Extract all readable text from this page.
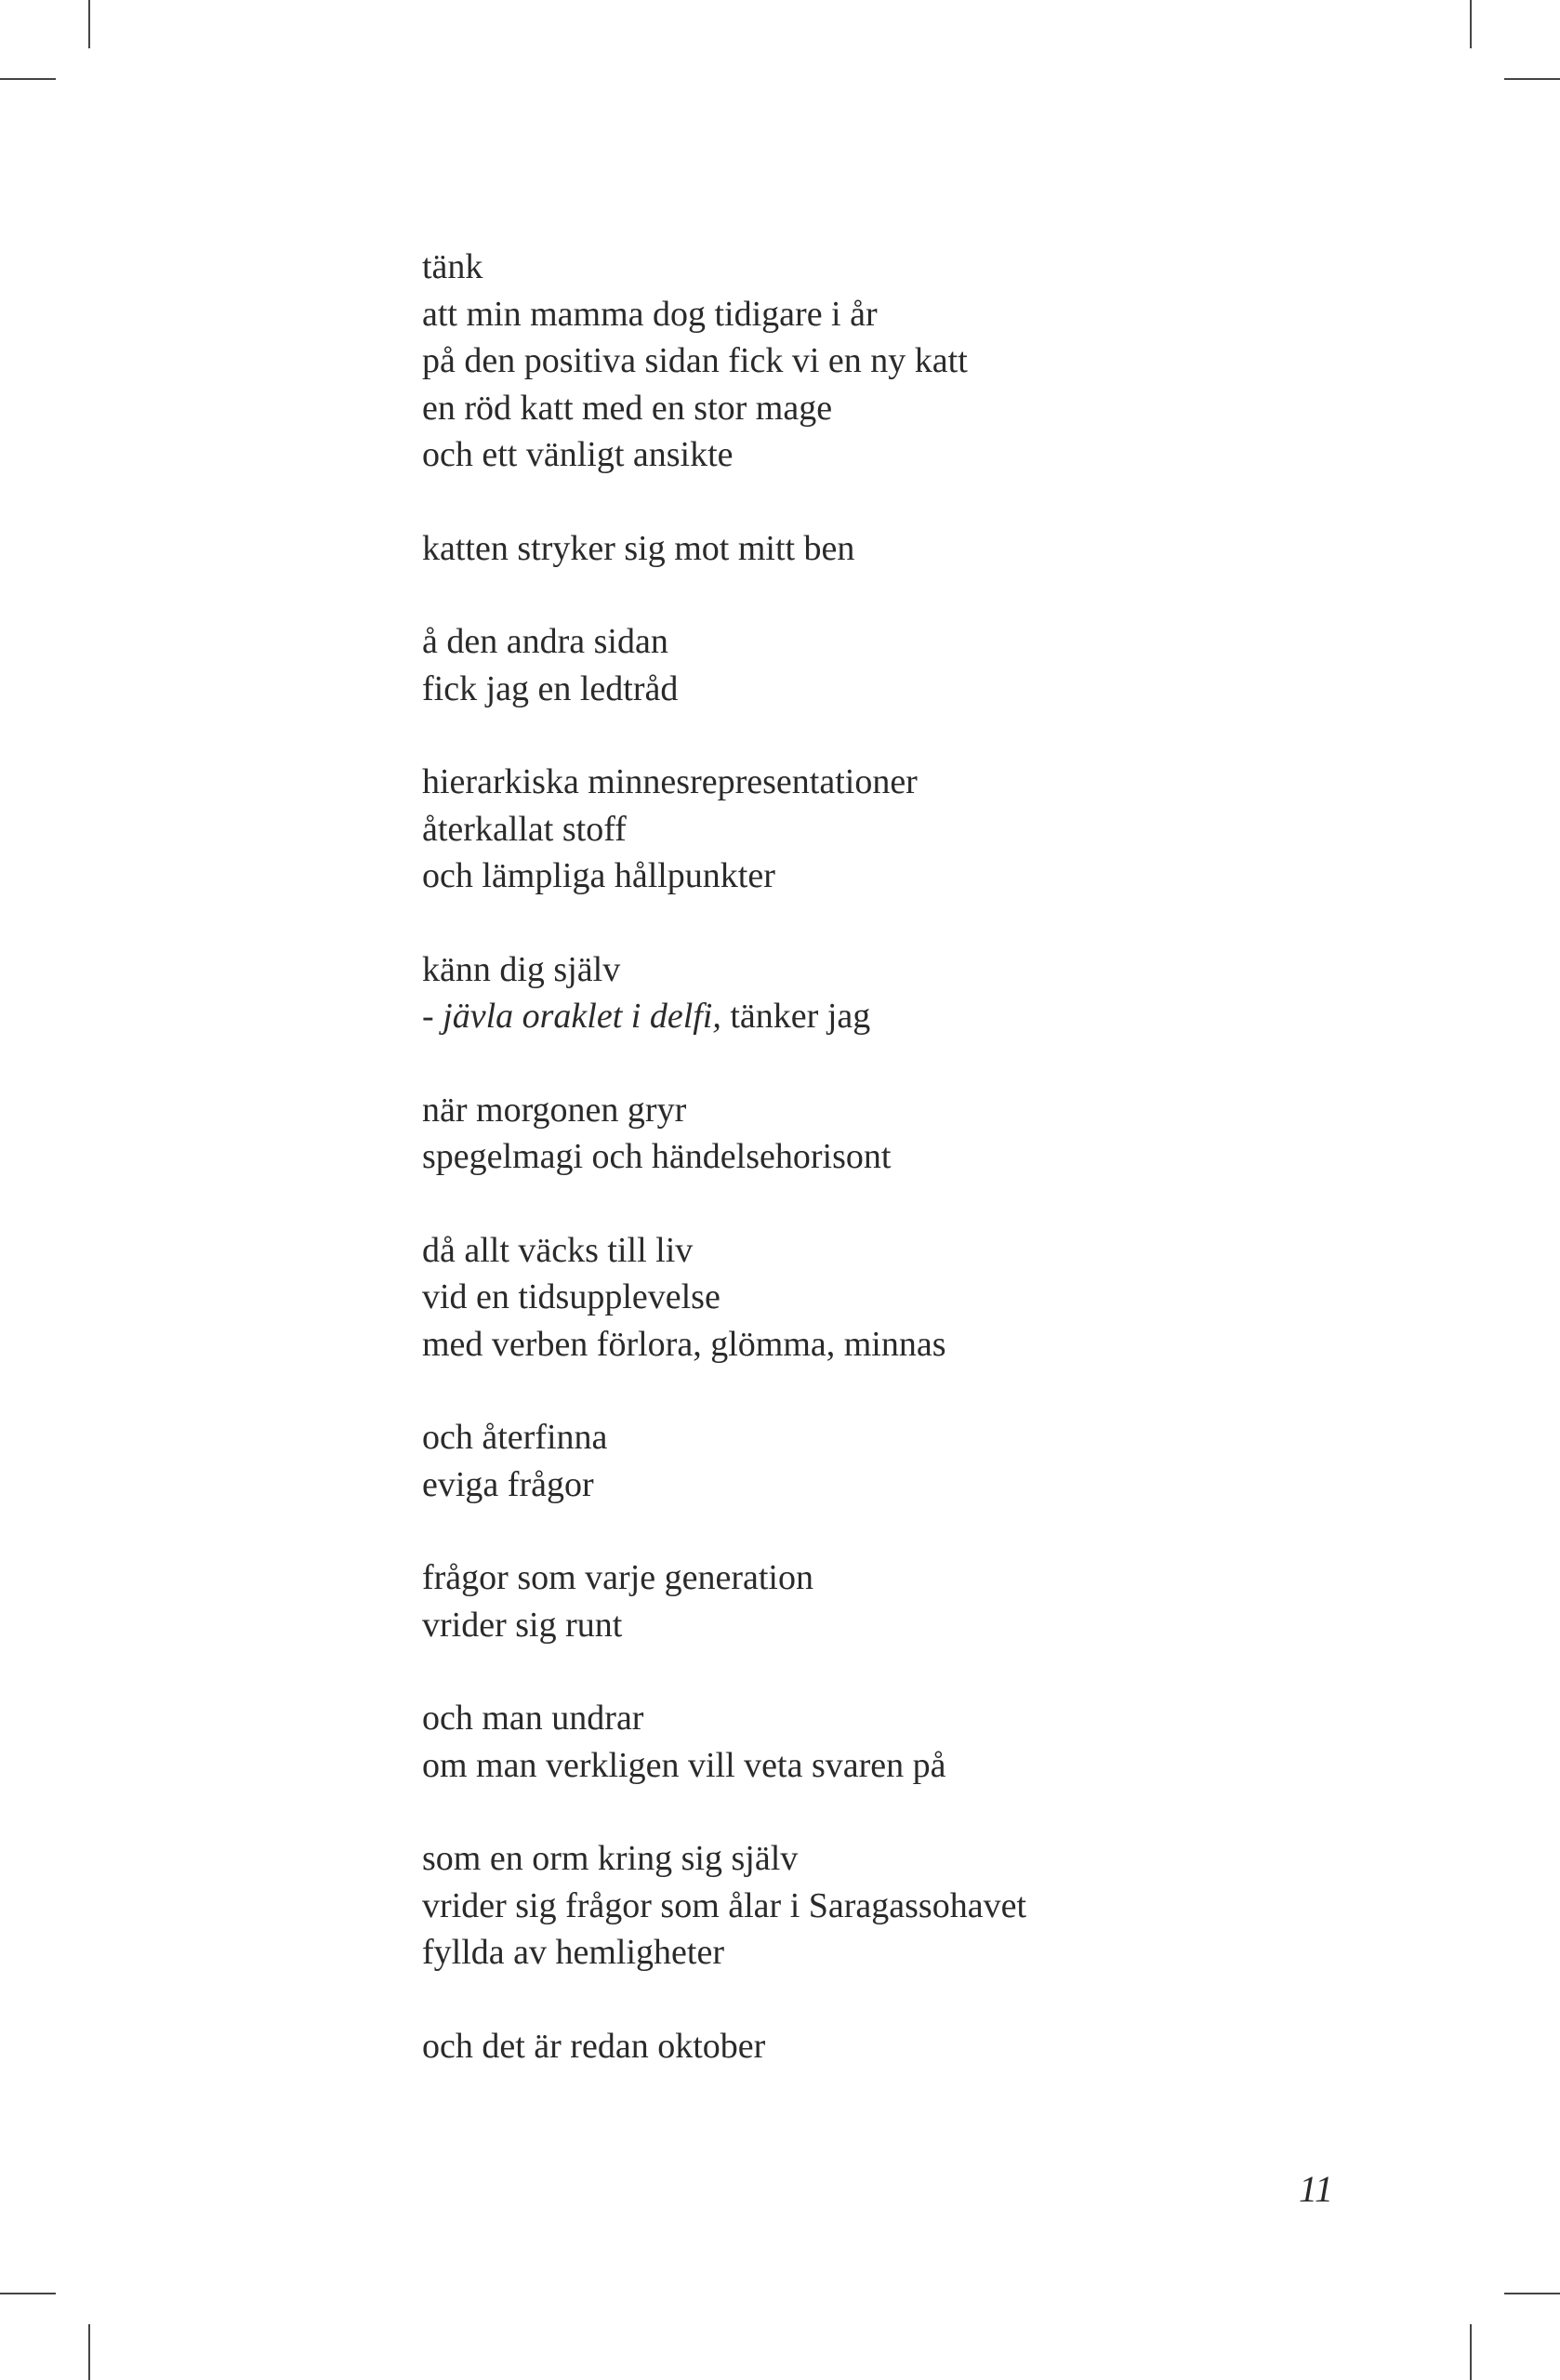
tänk
att min mamma dog tidigare i år
på den positiva sidan fick vi en ny katt
en röd katt med en stor mage
och ett vänligt ansikte
katten stryker sig mot mitt ben
å den andra sidan
fick jag en ledtråd
hierarkiska minnesrepresentationer
återkallat stoff
och lämpliga hållpunkter
känn dig själv
- jävla oraklet i delfi, tänker jag
när morgonen gryr
spegelmagi och händelsehorisont
då allt väcks till liv
vid en tidsupplevelse
med verben förlora, glömma, minnas
och återfinna
eviga frågor
frågor som varje generation
vrider sig runt
och man undrar
om man verkligen vill veta svaren på
som en orm kring sig själv
vrider sig frågor som ålar i Saragassohavet
fyllda av hemligheter
och det är redan oktober
11
